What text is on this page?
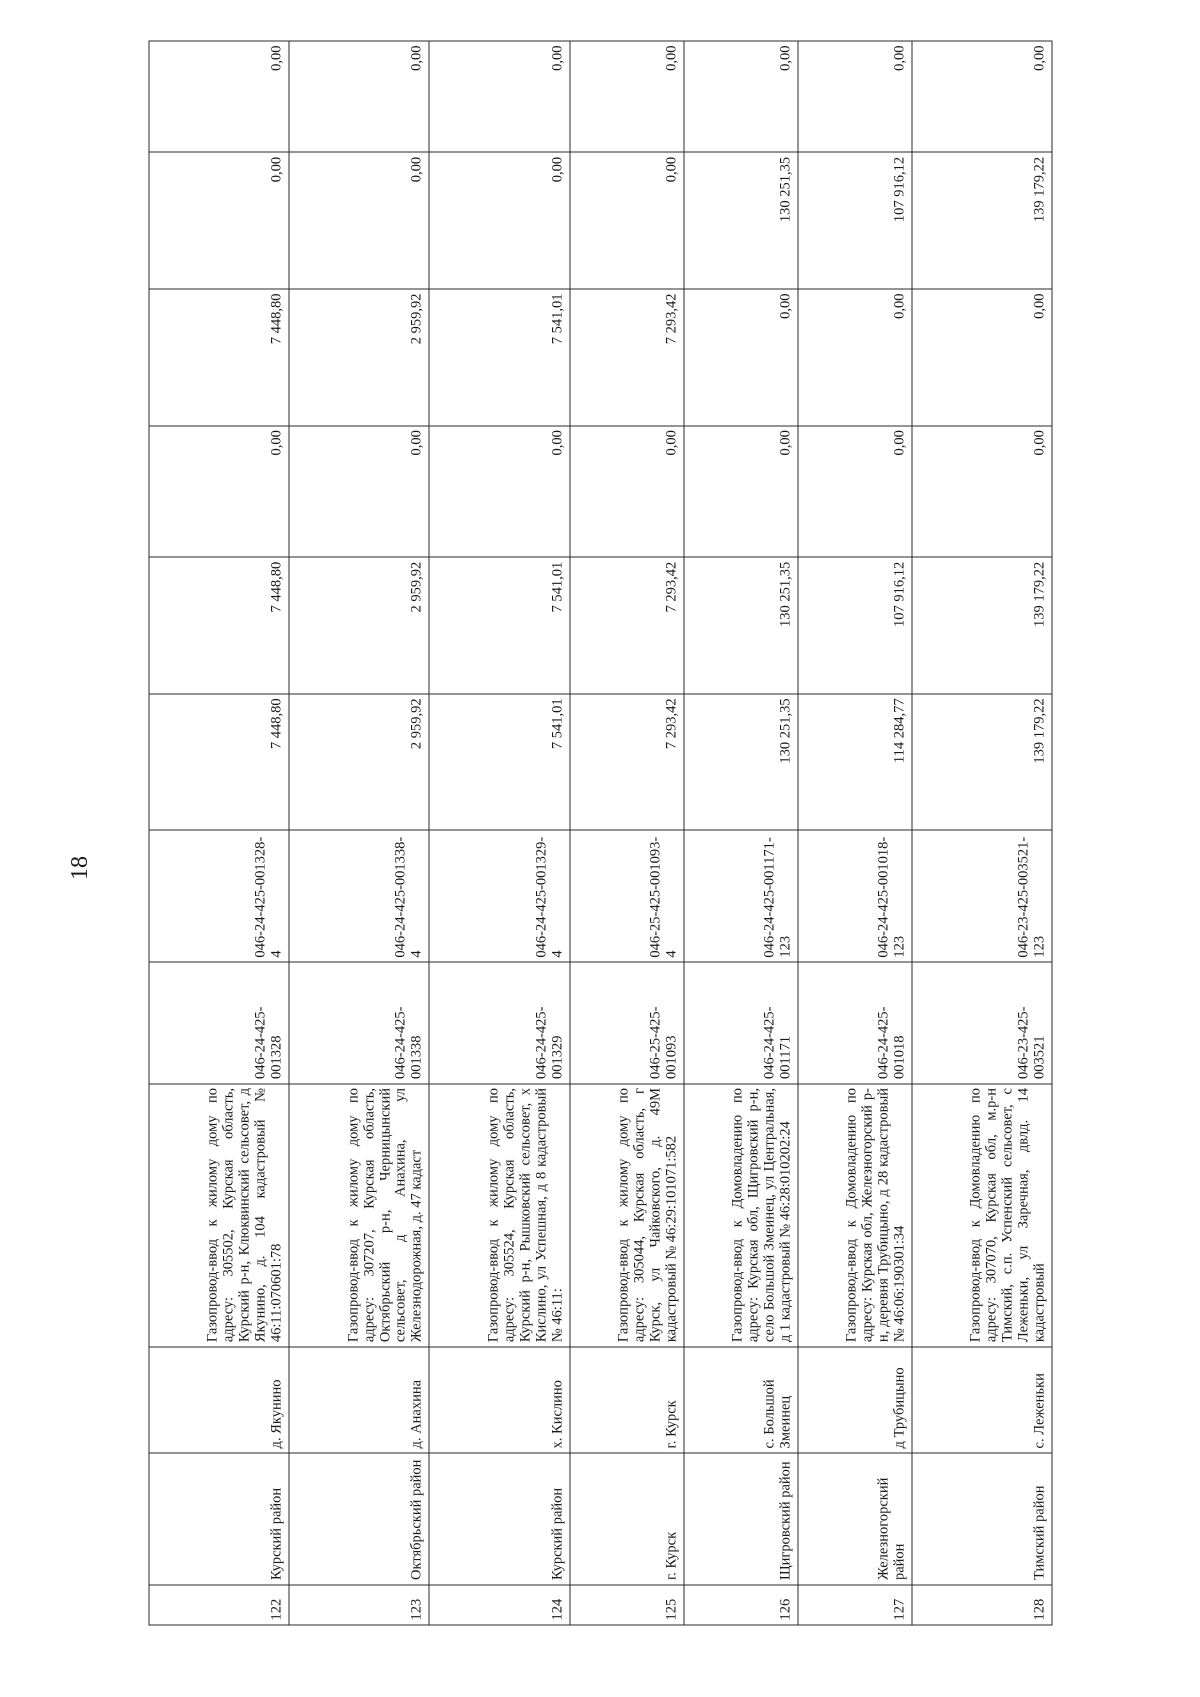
18
122	Курский район	д. Якунино	Газопровод-ввод к жилому дому по адресу: 305502, Курская область, Курский р-н, Клюквинский сельсовет, д Якунино, д. 104 кадастровый № 46:11:070601:78	046-24-425-001328	046-24-425-001328-4	7 448,80	7 448,80	0,00	7 448,80	0,00	0,00
123	Октябрьский район	д. Анахина	Газопровод-ввод к жилому дому по адресу: 307207, Курская область, Октябрьский р-н, Черницынский сельсовет, д Анахина, ул Железнодорожная, д. 47 кадаст	046-24-425-001338	046-24-425-001338-4	2 959,92	2 959,92	0,00	2 959,92	0,00	0,00
124	Курский район	х. Кислино	Газопровод-ввод к жилому дому по адресу: 305524, Курская область, Курский р-н, Рышковский сельсовет, х Кислино, ул Успешная, д 8 кадастровый № 46:11:	046-24-425-001329	046-24-425-001329-4	7 541,01	7 541,01	0,00	7 541,01	0,00	0,00
125	г. Курск	г. Курск	Газопровод-ввод к жилому дому по адресу: 305044, Курская область, г Курск, ул Чайковского, д. 49М кадастровый № 46:29:101071:582	046-25-425-001093	046-25-425-001093-4	7 293,42	7 293,42	0,00	7 293,42	0,00	0,00
126	Щигровский район	с. Большой Змеинец	Газопровод-ввод к Домовладению по адресу: Курская обл, Щигровский р-н, село Большой Змеинец, ул Центральная, д 1 кадастровый № 46:28:010202:24	046-24-425-001171	046-24-425-001171-123	130 251,35	130 251,35	0,00	0,00	130 251,35	0,00
127	Железногорский район	д Трубицыно	Газопровод-ввод к Домовладению по адресу: Курская обл, Железногорский р-н, деревня Трубицыно, д 28 кадастровый № 46:06:190301:34	046-24-425-001018	046-24-425-001018-123	114 284,77	107 916,12	0,00	0,00	107 916,12	0,00
128	Тимский район	с. Леженьки	Газопровод-ввод к Домовладению по адресу: 307070, Курская обл, м.р-н Тимский, с.п. Успенский сельсовет, с Леженьки, ул Заречная, двлд. 14 кадастровый	046-23-425-003521	046-23-425-003521-123	139 179,22	139 179,22	0,00	0,00	139 179,22	0,00
